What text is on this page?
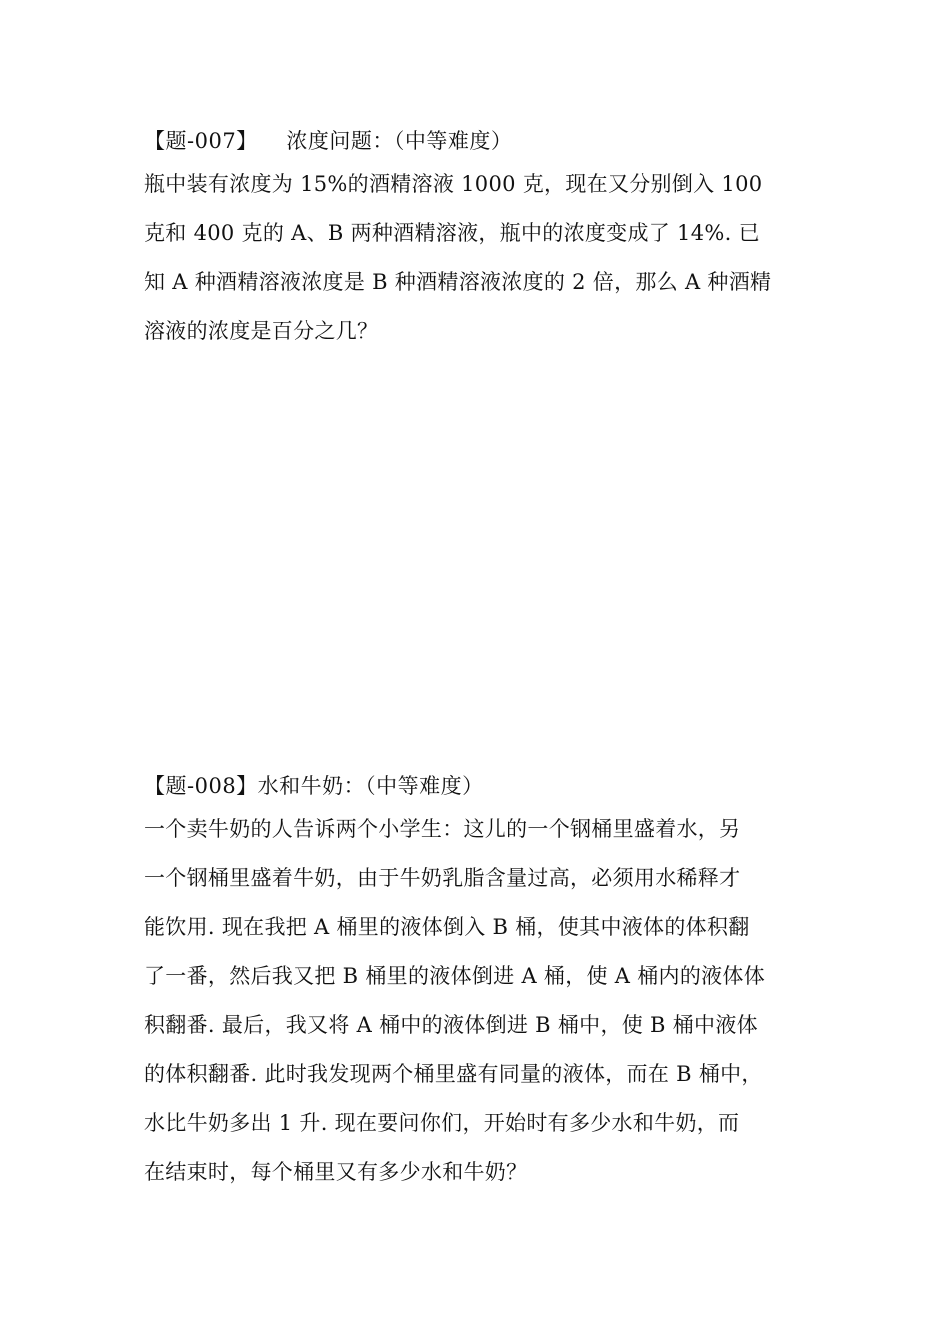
【题-007】    浓度问题：（中等难度）
瓶中装有浓度为 15%的酒精溶液 1000 克，现在又分别倒入 100
克和 400 克的 A、B 两种酒精溶液，瓶中的浓度变成了 14%. 已
知 A 种酒精溶液浓度是 B 种酒精溶液浓度的 2 倍，那么 A 种酒精
溶液的浓度是百分之几？
【题-008】水和牛奶：（中等难度）
一个卖牛奶的人告诉两个小学生：这儿的一个钢桶里盛着水，另
一个钢桶里盛着牛奶，由于牛奶乳脂含量过高，必须用水稀释才
能饮用. 现在我把 A 桶里的液体倒入 B 桶，使其中液体的体积翻
了一番，然后我又把 B 桶里的液体倒进 A 桶，使 A 桶内的液体体
积翻番. 最后，我又将 A 桶中的液体倒进 B 桶中，使 B 桶中液体
的体积翻番. 此时我发现两个桶里盛有同量的液体，而在 B 桶中，
水比牛奶多出 1 升. 现在要问你们，开始时有多少水和牛奶，而
在结束时，每个桶里又有多少水和牛奶？
